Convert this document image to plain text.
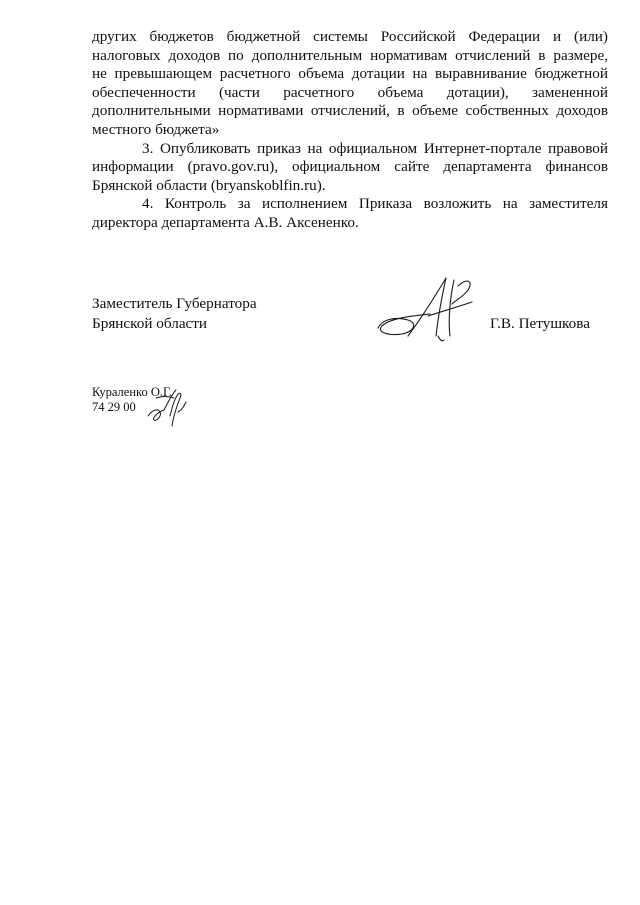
других бюджетов бюджетной системы Российской Федерации и (или)
налоговых доходов по дополнительным нормативам отчислений в размере,
не превышающем расчетного объема дотации на выравнивание бюджетной
обеспеченности (части расчетного объема дотации), замененной
дополнительными нормативами отчислений, в объеме собственных доходов
местного бюджета»
3. Опубликовать приказ на официальном Интернет-портале правовой
информации (pravo.gov.ru), официальном сайте департамента финансов
Брянской области (bryanskoblfin.ru).
4. Контроль за исполнением Приказа возложить на заместителя
директора департамента А.В. Аксененко.
Заместитель Губернатора
Брянской области	Г.В. Петушкова
Кураленко О.Г.
74 29 00
